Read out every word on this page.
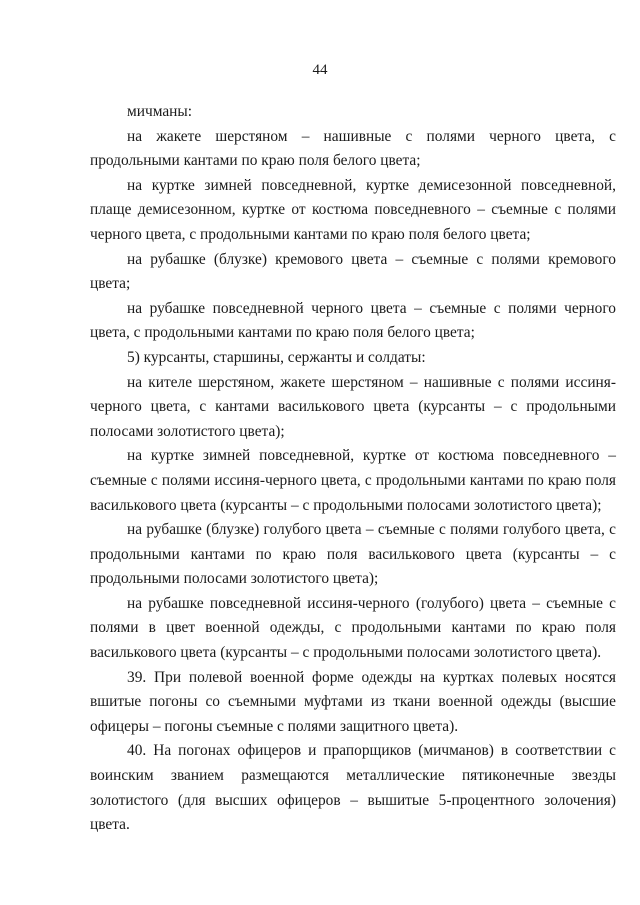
44

мичманы:

на жакете шерстяном – нашивные с полями черного цвета, с продольными кантами по краю поля белого цвета;

на куртке зимней повседневной, куртке демисезонной повседневной, плаще демисезонном, куртке от костюма повседневного – съемные с полями черного цвета, с продольными кантами по краю поля белого цвета;

на рубашке (блузке) кремового цвета – съемные с полями кремового цвета;

на рубашке повседневной черного цвета – съемные с полями черного цвета, с продольными кантами по краю поля белого цвета;

5) курсанты, старшины, сержанты и солдаты:

на кителе шерстяном, жакете шерстяном – нашивные с полями иссиня-черного цвета, с кантами василькового цвета (курсанты – с продольными полосами золотистого цвета);

на куртке зимней повседневной, куртке от костюма повседневного – съемные с полями иссиня-черного цвета, с продольными кантами по краю поля василькового цвета (курсанты – с продольными полосами золотистого цвета);

на рубашке (блузке) голубого цвета – съемные с полями голубого цвета, с продольными кантами по краю поля василькового цвета (курсанты – с продольными полосами золотистого цвета);

на рубашке повседневной иссиня-черного (голубого) цвета – съемные с полями в цвет военной одежды, с продольными кантами по краю поля василькового цвета (курсанты – с продольными полосами золотистого цвета).

39. При полевой военной форме одежды на куртках полевых носятся вшитые погоны со съемными муфтами из ткани военной одежды (высшие офицеры – погоны съемные с полями защитного цвета).

40. На погонах офицеров и прапорщиков (мичманов) в соответствии с воинским званием размещаются металлические пятиконечные звезды золотистого (для высших офицеров – вышитые 5-процентного золочения) цвета.
